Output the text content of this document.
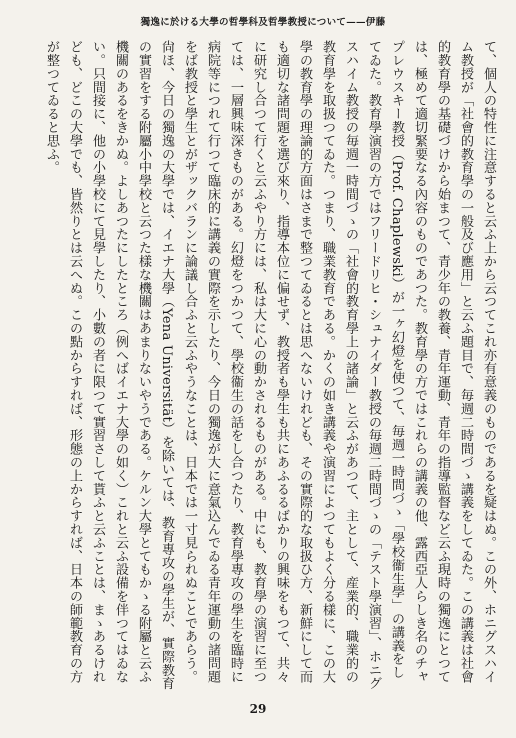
獨逸に於ける大學の哲學科及哲學教授について——伊藤

て、個人の特性に注意すると云ふ上から云つてこれ亦有意義のものであるを疑はぬ。この外、ホニグスハイム教授が「社會的教育學の一般及び應用」と云ふ題目で、毎週二時間づゝ講義をしてゐた。この講義は社會的教育學の基礎づけから始まつて、青少年の教養、青年運動、青年の指導監督など云ふ現時の獨逸にとつては、極めて適切緊要なる內容のものであつた。教育學の方ではこれらの講義の他、露西亞人らしき名のチャプレウスキー教授（Prof. Chaplewski）が一ヶ幻燈を使つて、毎週一時間づゝ「學校衞生學」の講義をしてゐた。教育學演習の方ではフリードリヒ・シュナイダー教授の毎週二時間づゝの「テスト學演習」、ホニグスハイム教授の毎週一時間づゝの「社會的教育學上の諸論」と云ふがあつて、主として、産業的、職業的の教育學を取扱つてゐた。つまり、職業教育である。かくの如き講義や演習によつてもよく分る樣に、この大學の教育學の理論的方面はさまで整つてゐるとは思へないけれども、その實際的な取扱ひ方、新鮮にして而も適切な諸問題を選び來り、指導本位に偏せず、教授者も學生も共にあふるるばかりの興味をもつて、共々に研究し合つて行くと云ふやり方には、私は大に心の動かされるものがある。中にも、教育學の演習に至つては、一層興味深きものがある。幻燈をつかつて、學校衞生の話をし合つたり、教育學專攻の學生を臨時に病院等につれて行つて臨床的に講義の實際を示したり、今日の獨逸が大に意氣込んでゐる青年運動の諸問題をば教授と學生とがザックバランに論議し合ふと云ふやうなことは、日本では一寸見られぬことであらう。尙ほ、今日の獨逸の大學では、イエナ大學（Yena Universität）を除いては、教育專攻の學生が、實際教育の實習をする附屬小中學校と云つた樣な機關はあまりないやうである。ケルン大學とてもかゝる附屬と云ふ機關のあるをきかぬ。よしあつたにしたところ（例へばイエナ大學の如く）これと云ふ設備を伴つてはゐない。只間接に、他の小學校にて見學したり、小數の者に限つて實習さして貰ふと云ふことは、まゝあるけれども、どこの大學でも、皆然りとは云へぬ。この點からすれば、形態の上からすれば、日本の師範教育の方が整つてゐると思ふ。

29
